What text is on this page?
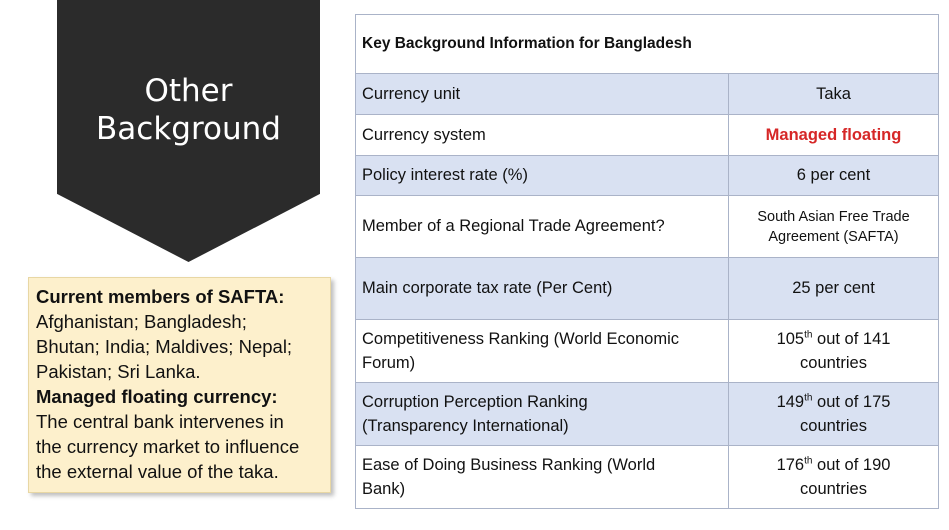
Other
Background
Current members of SAFTA:
Afghanistan; Bangladesh;
Bhutan; India; Maldives; Nepal;
Pakistan; Sri Lanka.
Managed floating currency:
The central bank intervenes in
the currency market to influence
the external value of the taka.
Key Background Information for Bangladesh	
Currency unit	Taka
Currency system	Managed floating
Policy interest rate (%)	6 per cent
Member of a Regional Trade Agreement?	South Asian Free Trade
Agreement (SAFTA)
Main corporate tax rate (Per Cent)	25 per cent
Competitiveness Ranking (World Economic
Forum)	105th out of 141
countries
Corruption Perception Ranking
(Transparency International)	149th out of 175
countries
Ease of Doing Business Ranking (World
Bank)	176th out of 190
countries
